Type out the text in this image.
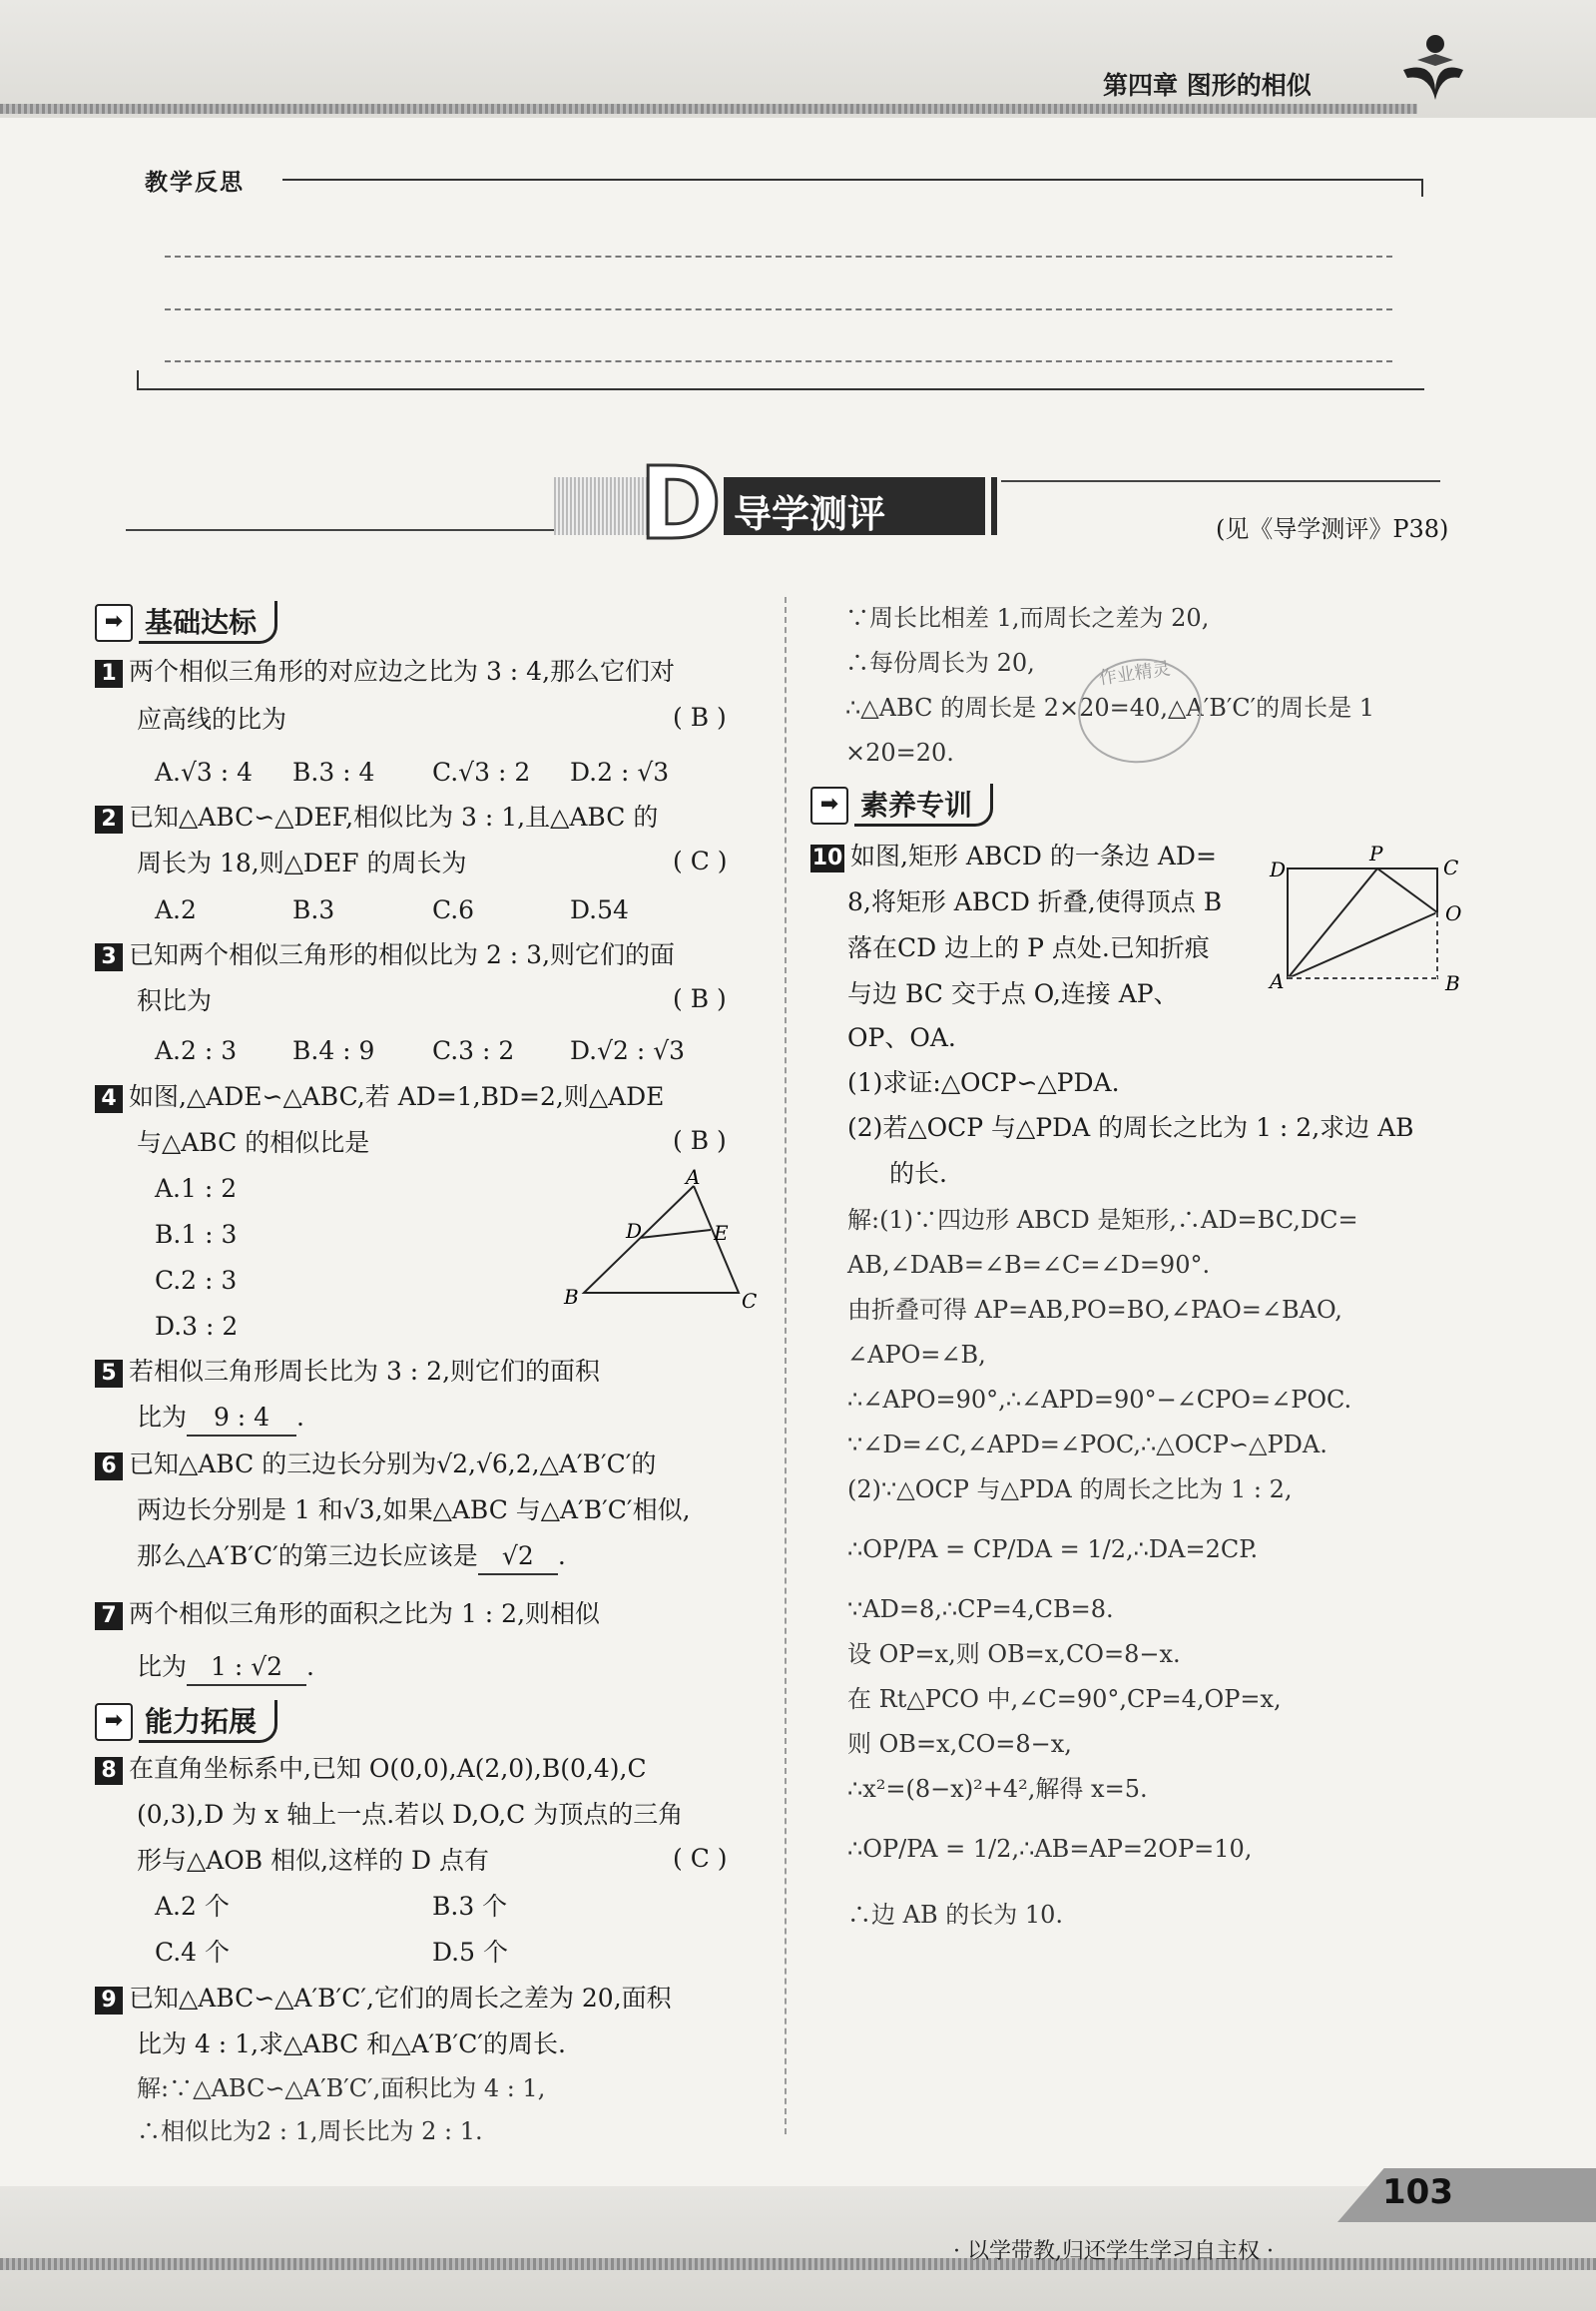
第四章 图形的相似
教学反思
D 导学测评	(见《导学测评》P38)
➡ 基础达标
1 两个相似三角形的对应边之比为 3 : 4,那么它们对
应高线的比为	( B )
A.√3 : 4 B.3 : 4 C.√3 : 2 D.2 : √3
2 已知△ABC∽△DEF,相似比为 3 : 1,且△ABC 的
周长为 18,则△DEF 的周长为	( C )
A.2	B.3	C.6	D.54
3 已知两个相似三角形的相似比为 2 : 3,则它们的面
积比为	( B )
A.2 : 3 B.4 : 9 C.3 : 2 D.√2 : √3
4 如图,△ADE∽△ABC,若 AD=1,BD=2,则△ADE
与△ABC 的相似比是	( B )
A.1 : 2
B.1 : 3
C.2 : 3
D.3 : 2
A
D	E
B	C
5 若相似三角形周长比为 3 : 2,则它们的面积
比为 9 : 4 .
6 已知△ABC 的三边长分别为√2,√6,2,△A′B′C′的
两边长分别是 1 和√3,如果△ABC 与△A′B′C′相似,
那么△A′B′C′的第三边长应该是 √2 .
7 两个相似三角形的面积之比为 1 : 2,则相似
比为 1 : √2 .
➡ 能力拓展
8 在直角坐标系中,已知 O(0,0),A(2,0),B(0,4),C
(0,3),D 为 x 轴上一点.若以 D,O,C 为顶点的三角
形与△AOB 相似,这样的 D 点有	( C )
A.2 个	B.3 个
C.4 个	D.5 个
9 已知△ABC∽△A′B′C′,它们的周长之差为 20,面积
比为 4 : 1,求△ABC 和△A′B′C′的周长.
解:∵△ABC∽△A′B′C′,面积比为 4 : 1,
∴相似比为2 : 1,周长比为 2 : 1.
∵周长比相差 1,而周长之差为 20,
∴每份周长为 20,
∴△ABC 的周长是 2×20=40,△A′B′C′的周长是 1
×20=20.
作业精灵
➡ 素养专训
10 如图,矩形 ABCD 的一条边 AD=
8,将矩形 ABCD 折叠,使得顶点 B
落在CD 边上的 P 点处.已知折痕
与边 BC 交于点 O,连接 AP、
OP、OA.
D
P
C
O
A	B
(1)求证:△OCP∽△PDA.
(2)若△OCP 与△PDA 的周长之比为 1 : 2,求边 AB
的长.
解:(1)∵四边形 ABCD 是矩形,∴AD=BC,DC=
AB,∠DAB=∠B=∠C=∠D=90°.
由折叠可得 AP=AB,PO=BO,∠PAO=∠BAO,
∠APO=∠B,
∴∠APO=90°,∴∠APD=90°−∠CPO=∠POC.
∵∠D=∠C,∠APD=∠POC,∴△OCP∽△PDA.
(2)∵△OCP 与△PDA 的周长之比为 1 : 2,
∴OP/PA = CP/DA = 1/2,∴DA=2CP.
∵AD=8,∴CP=4,CB=8.
设 OP=x,则 OB=x,CO=8−x.
在 Rt△PCO 中,∠C=90°,CP=4,OP=x,
则 OB=x,CO=8−x,
∴x²=(8−x)²+4²,解得 x=5.
∴OP/PA = 1/2,∴AB=AP=2OP=10,
∴边 AB 的长为 10.
103
· 以学带教,归还学生学习自主权 ·
